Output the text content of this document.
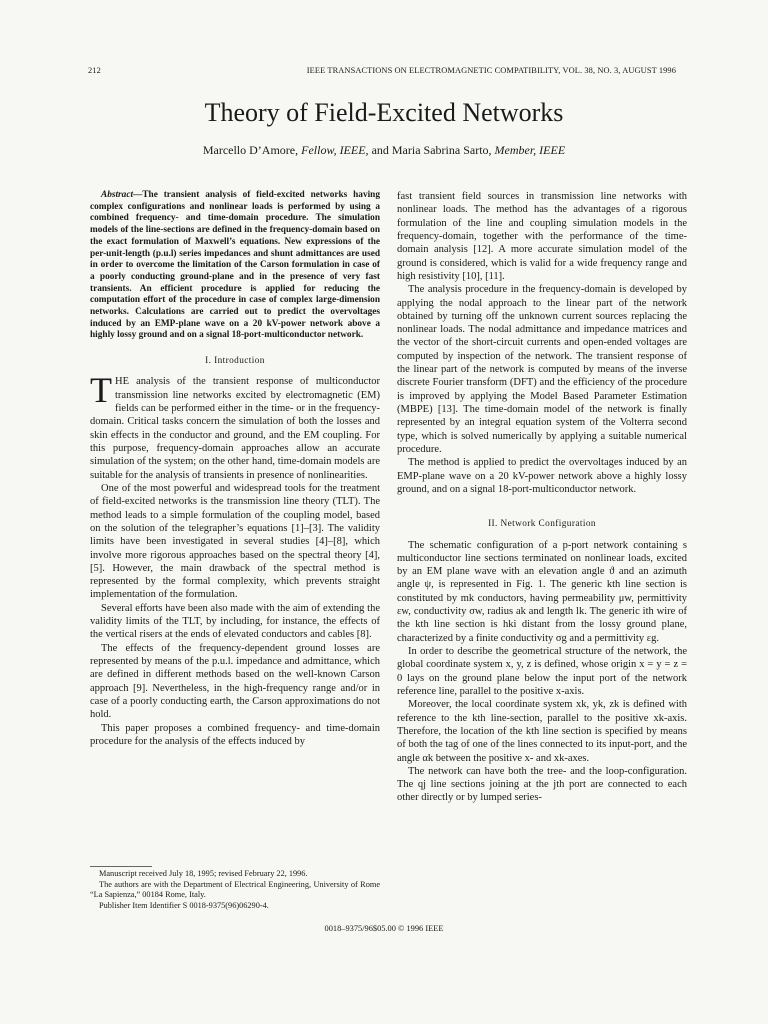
212	IEEE TRANSACTIONS ON ELECTROMAGNETIC COMPATIBILITY, VOL. 38, NO. 3, AUGUST 1996
Theory of Field-Excited Networks
Marcello D’Amore, Fellow, IEEE, and Maria Sabrina Sarto, Member, IEEE

Abstract—The transient analysis of field-excited networks having complex configurations and nonlinear loads is performed by using a combined frequency- and time-domain procedure. The simulation models of the line-sections are defined in the frequency-domain based on the exact formulation of Maxwell’s equations. New expressions of the per-unit-length (p.u.l) series impedances and shunt admittances are used in order to overcome the limitation of the Carson formulation in case of a poorly conducting ground-plane and in the presence of very fast transients. An efficient procedure is applied for reducing the computation effort of the procedure in case of complex large-dimension networks. Calculations are carried out to predict the overvoltages induced by an EMP-plane wave on a 20 kV-power network above a highly lossy ground and on a signal 18-port-multiconductor network.

I. Introduction

THE analysis of the transient response of multiconductor transmission line networks excited by electromagnetic (EM) fields can be performed either in the time- or in the frequency-domain. Critical tasks concern the simulation of both the losses and skin effects in the conductor and ground, and the EM coupling. For this purpose, frequency-domain approaches allow an accurate simulation of the system; on the other hand, time-domain models are suitable for the analysis of transients in presence of nonlinearities.

One of the most powerful and widespread tools for the treatment of field-excited networks is the transmission line theory (TLT). The method leads to a simple formulation of the coupling model, based on the solution of the telegrapher’s equations [1]–[3]. The validity limits have been investigated in several studies [4]–[8], which involve more rigorous approaches based on the spectral theory [4], [5]. However, the main drawback of the spectral method is represented by the formal complexity, which prevents straight implementation of the formulation.

Several efforts have been also made with the aim of extending the validity limits of the TLT, by including, for instance, the effects of the vertical risers at the ends of elevated conductors and cables [8].

The effects of the frequency-dependent ground losses are represented by means of the p.u.l. impedance and admittance, which are defined in different methods based on the well-known Carson approach [9]. Nevertheless, in the high-frequency range and/or in case of a poorly conducting earth, the Carson approximations do not hold.

This paper proposes a combined frequency- and time-domain procedure for the analysis of the effects induced by

Manuscript received July 18, 1995; revised February 22, 1996.

The authors are with the Department of Electrical Engineering, University of Rome “La Sapienza,” 00184 Rome, Italy.

Publisher Item Identifier S 0018-9375(96)06290-4.

fast transient field sources in transmission line networks with nonlinear loads. The method has the advantages of a rigorous formulation of the line and coupling simulation models in the frequency-domain, together with the performance of the time-domain analysis [12]. A more accurate simulation model of the ground is considered, which is valid for a wide frequency range and high resistivity [10], [11].

The analysis procedure in the frequency-domain is developed by applying the nodal approach to the linear part of the network obtained by turning off the unknown current sources replacing the nonlinear loads. The nodal admittance and impedance matrices and the vector of the short-circuit currents and open-ended voltages are computed by inspection of the network. The transient response of the linear part of the network is computed by means of the inverse discrete Fourier transform (DFT) and the efficiency of the procedure is improved by applying the Model Based Parameter Estimation (MBPE) [13]. The time-domain model of the network is finally represented by an integral equation system of the Volterra second type, which is solved numerically by applying a suitable numerical procedure.

The method is applied to predict the overvoltages induced by an EMP-plane wave on a 20 kV-power network above a highly lossy ground, and on a signal 18-port-multiconductor network.

II. Network Configuration

The schematic configuration of a p-port network containing s multiconductor line sections terminated on nonlinear loads, excited by an EM plane wave with an elevation angle ϑ and an azimuth angle ψ, is represented in Fig. 1. The generic kth line section is constituted by mk conductors, having permeability μw, permittivity εw, conductivity σw, radius ak and length lk. The generic ith wire of the kth line section is hki distant from the lossy ground plane, characterized by a finite conductivity σg and a permittivity εg.

In order to describe the geometrical structure of the network, the global coordinate system x, y, z is defined, whose origin x = y = z = 0 lays on the ground plane below the input port of the network reference line, parallel to the positive x-axis.

Moreover, the local coordinate system xk, yk, zk is defined with reference to the kth line-section, parallel to the positive xk-axis. Therefore, the location of the kth line section is specified by means of both the tag of one of the lines connected to its input-port, and the angle αk between the positive x- and xk-axes.

The network can have both the tree- and the loop-configuration. The qj line sections joining at the jth port are connected to each other directly or by lumped series-

0018–9375/96$05.00 © 1996 IEEE
